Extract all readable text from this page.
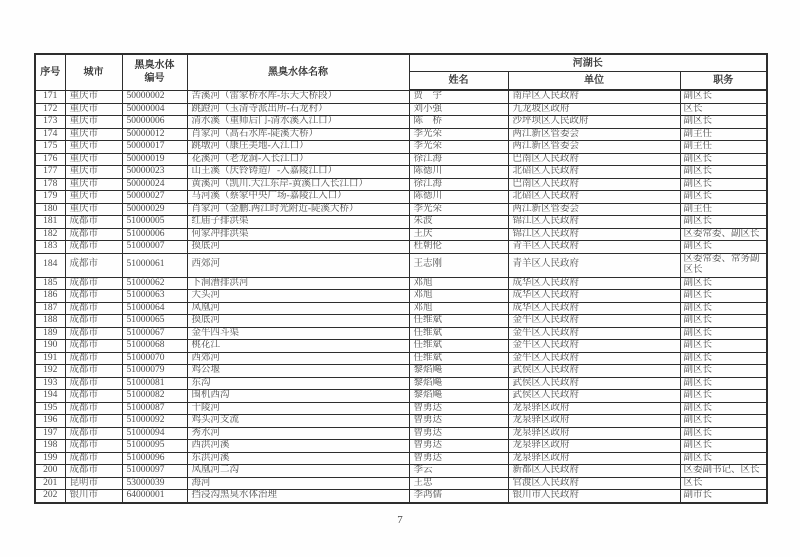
序号	城市	黑臭水体编号	黑臭水体名称	河湖长		
				姓名	单位	职务
171	重庆市	50000002	苦溪河（雷家桥水库-乐天大桥段）	贾　宇	南岸区人民政府	副区长
172	重庆市	50000004	跳蹬河（玉清寺派出所-石龙村）	刘小强	九龙坡区政府	区长
173	重庆市	50000006	清水溪（重师后门-清水溪入江口）	陈　桥	沙坪坝区人民政府	副区长
174	重庆市	50000012	肖家河（高石水库-陡溪大桥）	李光荣	两江新区管委会	副主任
175	重庆市	50000017	跳墩河（康庄美地-入江口）	李光荣	两江新区管委会	副主任
176	重庆市	50000019	花溪河（老龙洞-入长江口）	徐江海	巴南区人民政府	副区长
177	重庆市	50000023	山王溪（庆铃铸造厂-入嘉陵江口）	陈德川	北碚区人民政府	副区长
178	重庆市	50000024	黄溪河（凯川.大江东岸-黄溪口入长江口）	徐江海	巴南区人民政府	副区长
179	重庆市	50000027	马河溪（蔡家中央广场-嘉陵江入口）	陈德川	北碚区人民政府	副区长
180	重庆市	50000029	肖家河（金鹏.两江时光附近-陡溪大桥）	李光荣	两江新区管委会	副主任
181	成都市	51000005	红庙子排洪渠	朱波	锦江区人民政府	副区长
182	成都市	51000006	何家冲排洪渠	王庆	锦江区人民政府	区委常委、副区长
183	成都市	51000007	摸底河	杜朝伦	青羊区人民政府	副区长
184	成都市	51000061	西郊河	王志刚	青羊区人民政府	区委常委、常务副区长
185	成都市	51000062	下涧漕排洪河	邓旭	成华区人民政府	副区长
186	成都市	51000063	大头河	邓旭	成华区人民政府	副区长
187	成都市	51000064	凤凰河	邓旭	成华区人民政府	副区长
188	成都市	51000065	摸底河	任维斌	金牛区人民政府	副区长
189	成都市	51000067	金牛四斗渠	任维斌	金牛区人民政府	副区长
190	成都市	51000068	桃花江	任维斌	金牛区人民政府	副区长
191	成都市	51000070	西郊河	任维斌	金牛区人民政府	副区长
192	成都市	51000079	鸡公堰	黎焰飚	武侯区人民政府	副区长
193	成都市	51000081	东沟	黎焰飚	武侯区人民政府	副区长
194	成都市	51000082	围机西沟	黎焰飚	武侯区人民政府	副区长
195	成都市	51000087	十陵河	曾勇达	龙泉驿区政府	副区长
196	成都市	51000092	鸡头河支流	曾勇达	龙泉驿区政府	副区长
197	成都市	51000094	秀水河	曾勇达	龙泉驿区政府	副区长
198	成都市	51000095	西洪河溪	曾勇达	龙泉驿区政府	副区长
199	成都市	51000096	东洪河溪	曾勇达	龙泉驿区政府	副区长
200	成都市	51000097	凤凰河二沟	李云	新都区人民政府	区委副书记、区长
201	昆明市	53000039	海河	王忠	官渡区人民政府	区长
202	银川市	64000001	挡浸沟黑臭水体治理	李鸿儒	银川市人民政府	副市长
7
